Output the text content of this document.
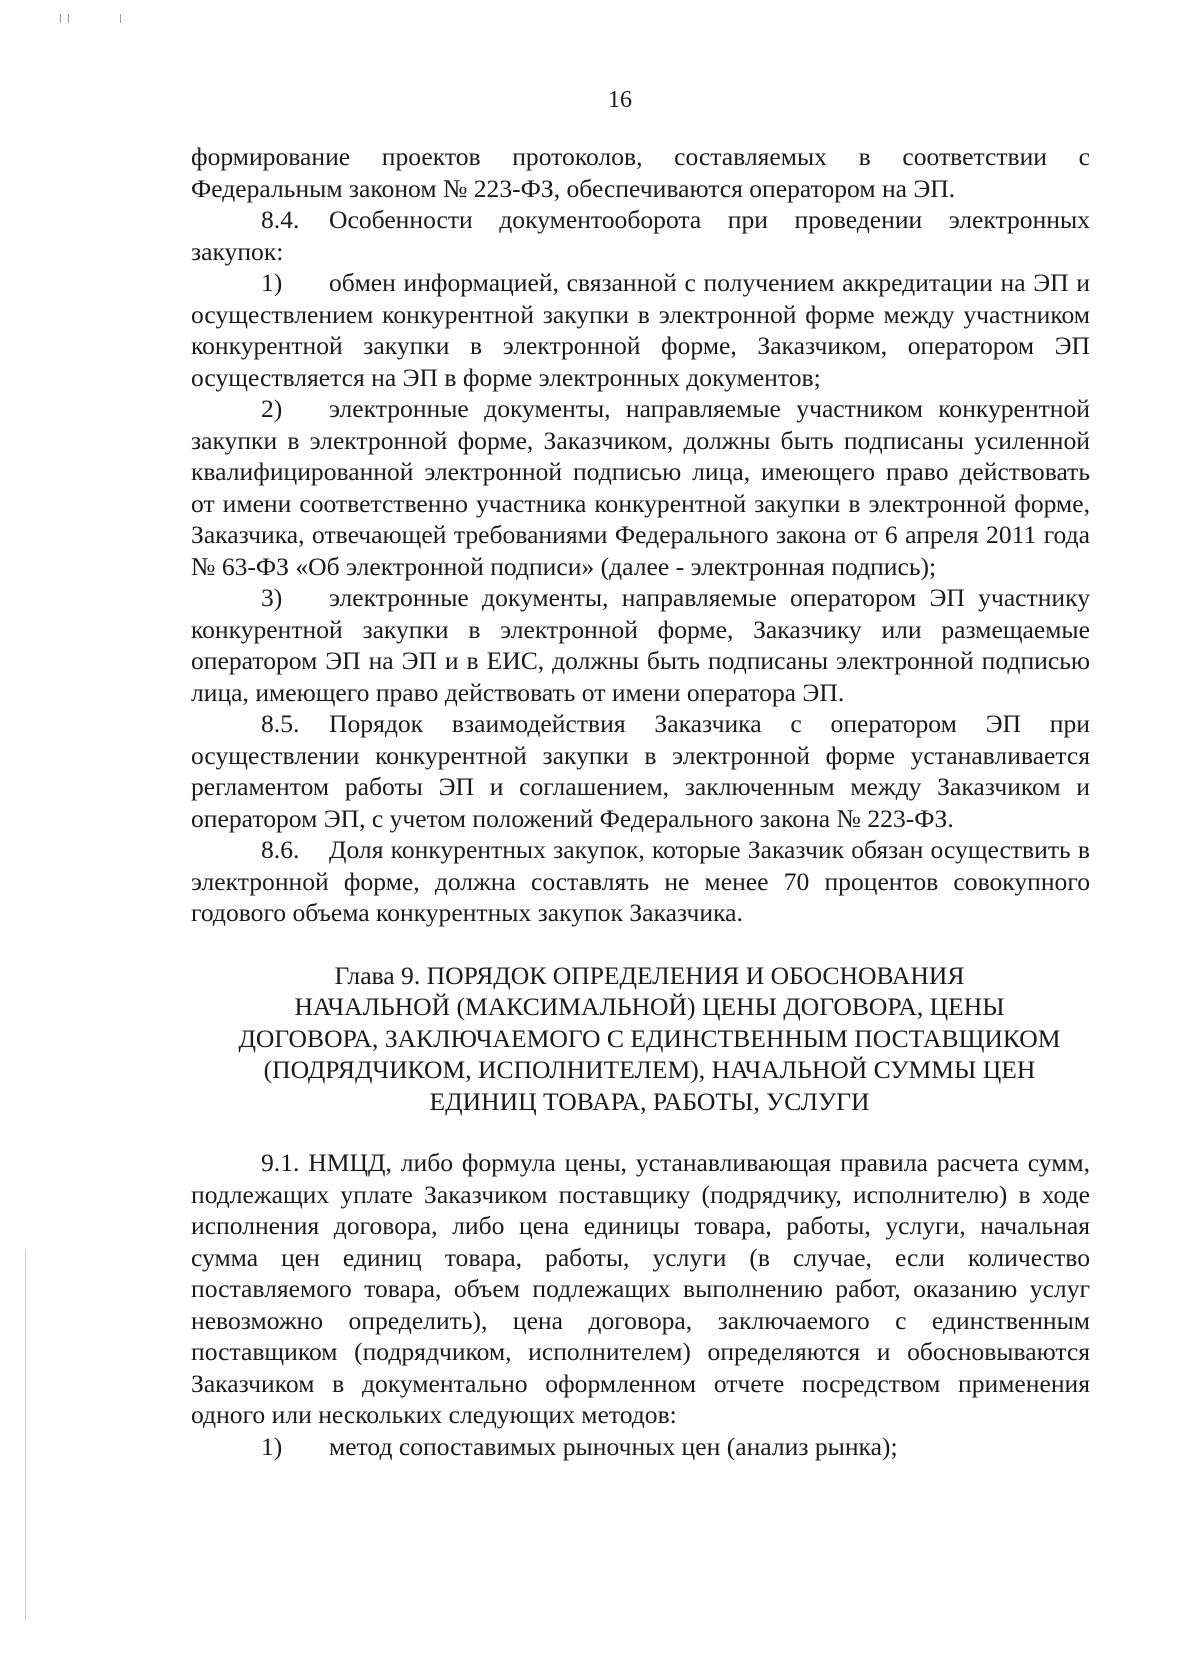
16

формирование проектов протоколов, составляемых в соответствии с Федеральным законом № 223-ФЗ, обеспечиваются оператором на ЭП.

8.4. Особенности документооборота при проведении электронных закупок:

1) обмен информацией, связанной с получением аккредитации на ЭП и осуществлением конкурентной закупки в электронной форме между участником конкурентной закупки в электронной форме, Заказчиком, оператором ЭП осуществляется на ЭП в форме электронных документов;

2) электронные документы, направляемые участником конкурентной закупки в электронной форме, Заказчиком, должны быть подписаны усиленной квалифицированной электронной подписью лица, имеющего право действовать от имени соответственно участника конкурентной закупки в электронной форме, Заказчика, отвечающей требованиями Федерального закона от 6 апреля 2011 года № 63-ФЗ «Об электронной подписи» (далее - электронная подпись);

3) электронные документы, направляемые оператором ЭП участнику конкурентной закупки в электронной форме, Заказчику или размещаемые оператором ЭП на ЭП и в ЕИС, должны быть подписаны электронной подписью лица, имеющего право действовать от имени оператора ЭП.

8.5. Порядок взаимодействия Заказчика с оператором ЭП при осуществлении конкурентной закупки в электронной форме устанавливается регламентом работы ЭП и соглашением, заключенным между Заказчиком и оператором ЭП, с учетом положений Федерального закона № 223-ФЗ.

8.6. Доля конкурентных закупок, которые Заказчик обязан осуществить в электронной форме, должна составлять не менее 70 процентов совокупного годового объема конкурентных закупок Заказчика.

Глава 9. ПОРЯДОК ОПРЕДЕЛЕНИЯ И ОБОСНОВАНИЯ
НАЧАЛЬНОЙ (МАКСИМАЛЬНОЙ) ЦЕНЫ ДОГОВОРА, ЦЕНЫ
ДОГОВОРА, ЗАКЛЮЧАЕМОГО С ЕДИНСТВЕННЫМ ПОСТАВЩИКОМ
(ПОДРЯДЧИКОМ, ИСПОЛНИТЕЛЕМ), НАЧАЛЬНОЙ СУММЫ ЦЕН
ЕДИНИЦ ТОВАРА, РАБОТЫ, УСЛУГИ

9.1. НМЦД, либо формула цены, устанавливающая правила расчета сумм, подлежащих уплате Заказчиком поставщику (подрядчику, исполнителю) в ходе исполнения договора, либо цена единицы товара, работы, услуги, начальная сумма цен единиц товара, работы, услуги (в случае, если количество поставляемого товара, объем подлежащих выполнению работ, оказанию услуг невозможно определить), цена договора, заключаемого с единственным поставщиком (подрядчиком, исполнителем) определяются и обосновываются Заказчиком в документально оформленном отчете посредством применения одного или нескольких следующих методов:

1) метод сопоставимых рыночных цен (анализ рынка);
